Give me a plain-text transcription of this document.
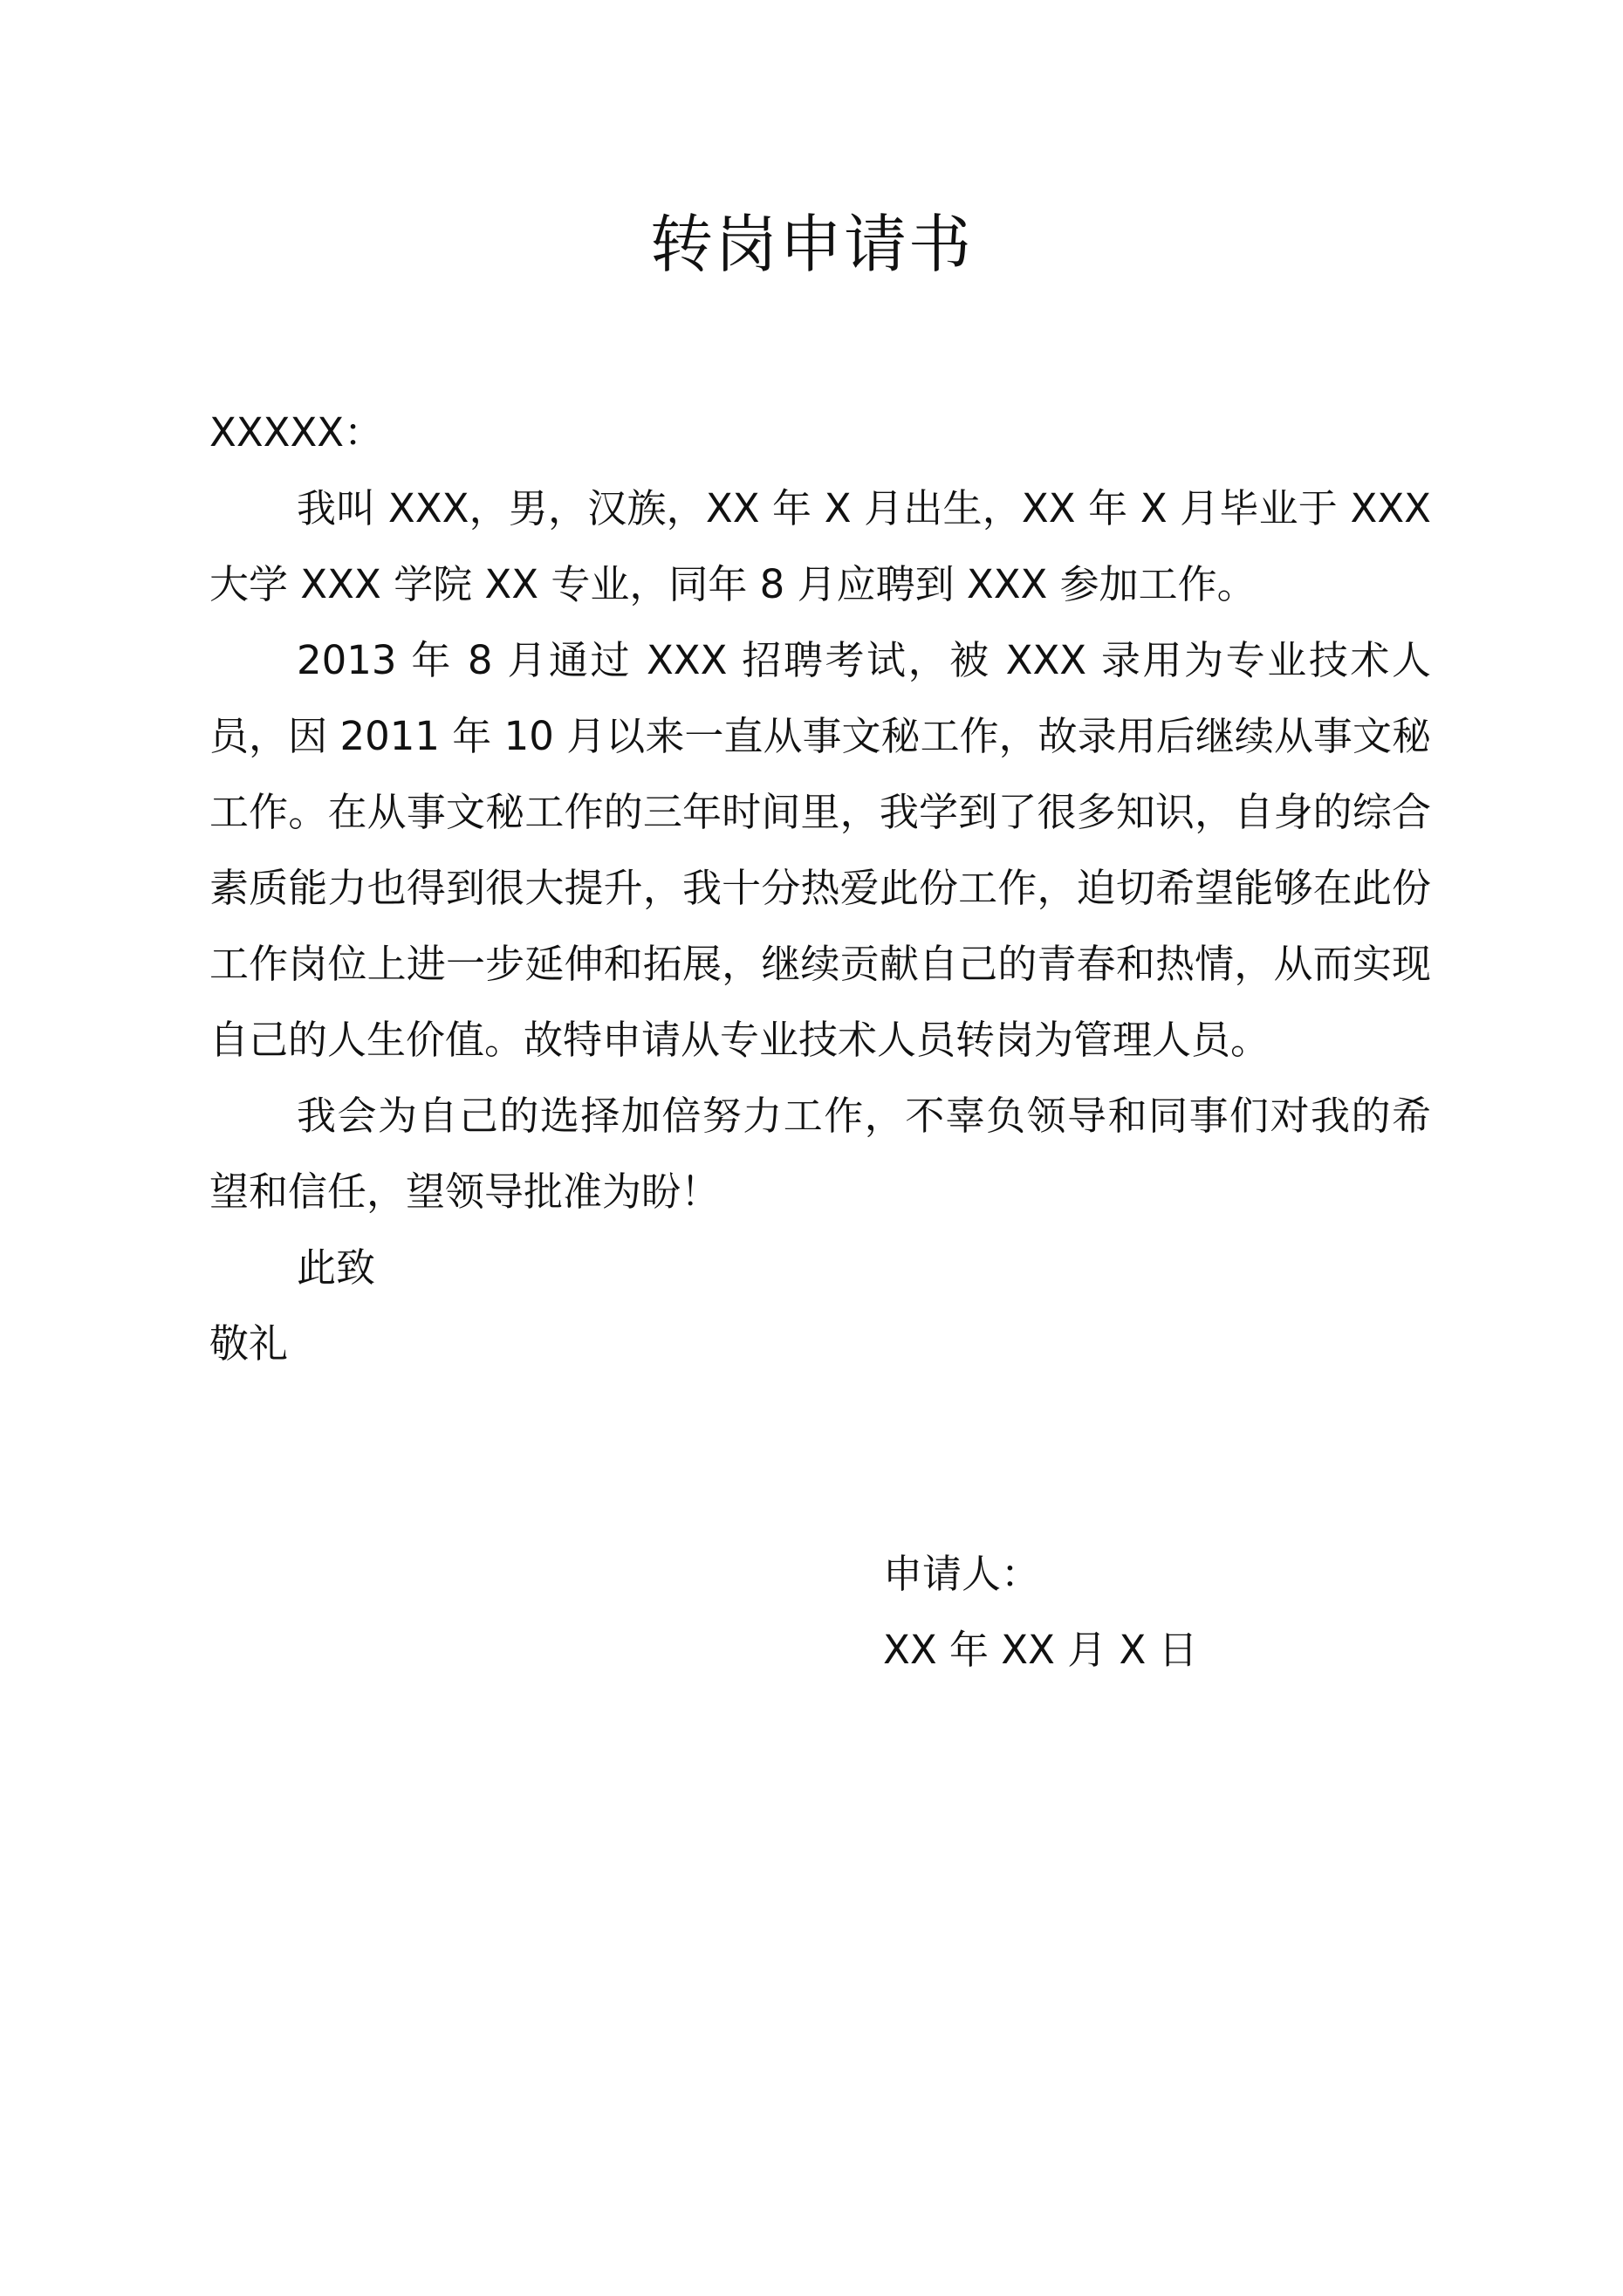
转岗申请书

XXXXX：

我叫 XXX，男，汉族，XX 年 X 月出生，XX 年 X 月毕业于 XXX 大学 XXX 学院 XX 专业，同年 8 月应聘到 XXX 参加工作。

2013 年 8 月通过 XXX 招聘考试，被 XXX 录用为专业技术人员，因 2011 年 10 月以来一直从事文秘工作，故录用后继续从事文秘工作。在从事文秘工作的三年时间里，我学到了很多知识，自身的综合素质能力也得到很大提升，我十分热爱此份工作，迫切希望能够在此份工作岗位上进一步延伸和拓展，继续贡献自己的青春和热情，从而实现自己的人生价值。故特申请从专业技术人员转岗为管理人员。

我会为自己的选择加倍努力工作，不辜负领导和同事们对我的希望和信任，望领导批准为盼！

此致

敬礼

申请人：

XX 年 XX 月 X 日
